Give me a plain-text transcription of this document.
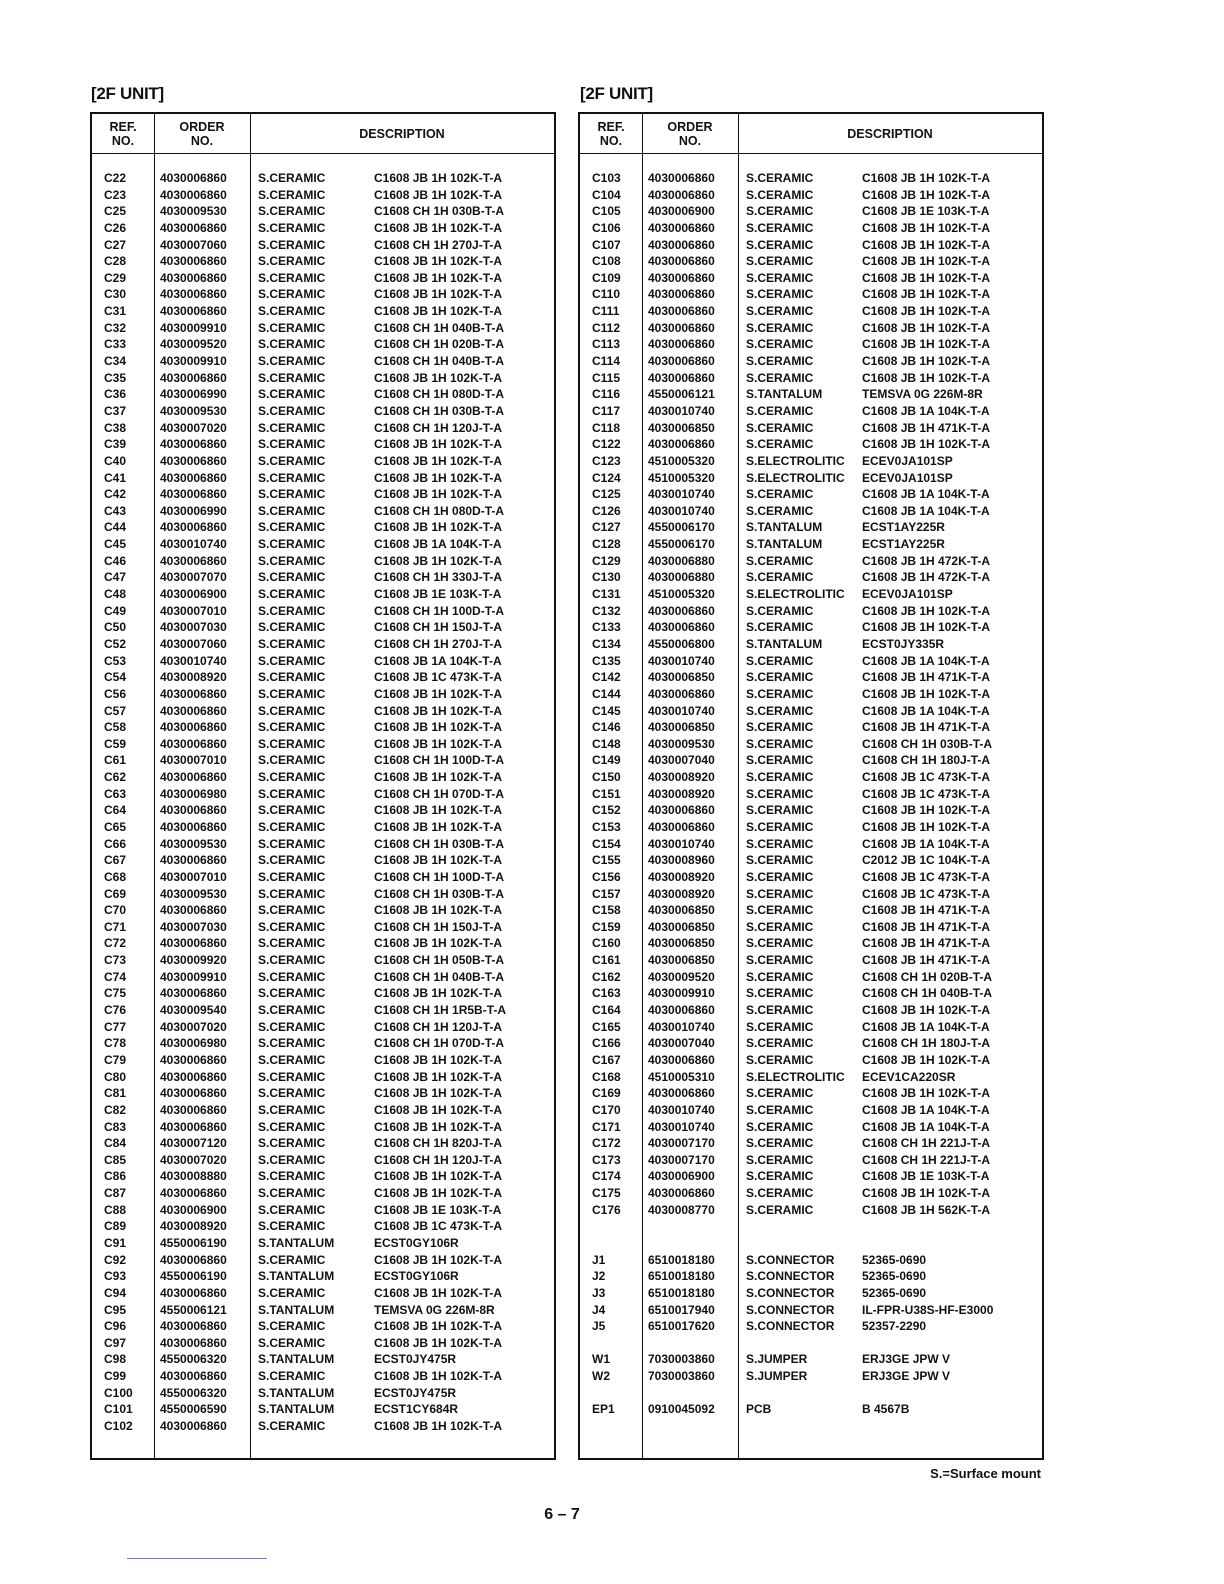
[2F UNIT]	[2F UNIT]
REF.
NO.
ORDER
NO.	DESCRIPTION
C22	4030006860	S.CERAMIC	C1608 JB 1H 102K-T-A
C23	4030006860	S.CERAMIC	C1608 JB 1H 102K-T-A
C25	4030009530	S.CERAMIC	C1608 CH 1H 030B-T-A
C26	4030006860	S.CERAMIC	C1608 JB 1H 102K-T-A
C27	4030007060	S.CERAMIC	C1608 CH 1H 270J-T-A
C28	4030006860	S.CERAMIC	C1608 JB 1H 102K-T-A
C29	4030006860	S.CERAMIC	C1608 JB 1H 102K-T-A
C30	4030006860	S.CERAMIC	C1608 JB 1H 102K-T-A
C31	4030006860	S.CERAMIC	C1608 JB 1H 102K-T-A
C32	4030009910	S.CERAMIC	C1608 CH 1H 040B-T-A
C33	4030009520	S.CERAMIC	C1608 CH 1H 020B-T-A
C34	4030009910	S.CERAMIC	C1608 CH 1H 040B-T-A
C35	4030006860	S.CERAMIC	C1608 JB 1H 102K-T-A
C36	4030006990	S.CERAMIC	C1608 CH 1H 080D-T-A
C37	4030009530	S.CERAMIC	C1608 CH 1H 030B-T-A
C38	4030007020	S.CERAMIC	C1608 CH 1H 120J-T-A
C39	4030006860	S.CERAMIC	C1608 JB 1H 102K-T-A
C40	4030006860	S.CERAMIC	C1608 JB 1H 102K-T-A
C41	4030006860	S.CERAMIC	C1608 JB 1H 102K-T-A
C42	4030006860	S.CERAMIC	C1608 JB 1H 102K-T-A
C43	4030006990	S.CERAMIC	C1608 CH 1H 080D-T-A
C44	4030006860	S.CERAMIC	C1608 JB 1H 102K-T-A
C45	4030010740	S.CERAMIC	C1608 JB 1A 104K-T-A
C46	4030006860	S.CERAMIC	C1608 JB 1H 102K-T-A
C47	4030007070	S.CERAMIC	C1608 CH 1H 330J-T-A
C48	4030006900	S.CERAMIC	C1608 JB 1E 103K-T-A
C49	4030007010	S.CERAMIC	C1608 CH 1H 100D-T-A
C50	4030007030	S.CERAMIC	C1608 CH 1H 150J-T-A
C52	4030007060	S.CERAMIC	C1608 CH 1H 270J-T-A
C53	4030010740	S.CERAMIC	C1608 JB 1A 104K-T-A
C54	4030008920	S.CERAMIC	C1608 JB 1C 473K-T-A
C56	4030006860	S.CERAMIC	C1608 JB 1H 102K-T-A
C57	4030006860	S.CERAMIC	C1608 JB 1H 102K-T-A
C58	4030006860	S.CERAMIC	C1608 JB 1H 102K-T-A
C59	4030006860	S.CERAMIC	C1608 JB 1H 102K-T-A
C61	4030007010	S.CERAMIC	C1608 CH 1H 100D-T-A
C62	4030006860	S.CERAMIC	C1608 JB 1H 102K-T-A
C63	4030006980	S.CERAMIC	C1608 CH 1H 070D-T-A
C64	4030006860	S.CERAMIC	C1608 JB 1H 102K-T-A
C65	4030006860	S.CERAMIC	C1608 JB 1H 102K-T-A
C66	4030009530	S.CERAMIC	C1608 CH 1H 030B-T-A
C67	4030006860	S.CERAMIC	C1608 JB 1H 102K-T-A
C68	4030007010	S.CERAMIC	C1608 CH 1H 100D-T-A
C69	4030009530	S.CERAMIC	C1608 CH 1H 030B-T-A
C70	4030006860	S.CERAMIC	C1608 JB 1H 102K-T-A
C71	4030007030	S.CERAMIC	C1608 CH 1H 150J-T-A
C72	4030006860	S.CERAMIC	C1608 JB 1H 102K-T-A
C73	4030009920	S.CERAMIC	C1608 CH 1H 050B-T-A
C74	4030009910	S.CERAMIC	C1608 CH 1H 040B-T-A
C75	4030006860	S.CERAMIC	C1608 JB 1H 102K-T-A
C76	4030009540	S.CERAMIC	C1608 CH 1H 1R5B-T-A
C77	4030007020	S.CERAMIC	C1608 CH 1H 120J-T-A
C78	4030006980	S.CERAMIC	C1608 CH 1H 070D-T-A
C79	4030006860	S.CERAMIC	C1608 JB 1H 102K-T-A
C80	4030006860	S.CERAMIC	C1608 JB 1H 102K-T-A
C81	4030006860	S.CERAMIC	C1608 JB 1H 102K-T-A
C82	4030006860	S.CERAMIC	C1608 JB 1H 102K-T-A
C83	4030006860	S.CERAMIC	C1608 JB 1H 102K-T-A
C84	4030007120	S.CERAMIC	C1608 CH 1H 820J-T-A
C85	4030007020	S.CERAMIC	C1608 CH 1H 120J-T-A
C86	4030008880	S.CERAMIC	C1608 JB 1H 102K-T-A
C87	4030006860	S.CERAMIC	C1608 JB 1H 102K-T-A
C88	4030006900	S.CERAMIC	C1608 JB 1E 103K-T-A
C89	4030008920	S.CERAMIC	C1608 JB 1C 473K-T-A
C91	4550006190	S.TANTALUM	ECST0GY106R
C92	4030006860	S.CERAMIC	C1608 JB 1H 102K-T-A
C93	4550006190	S.TANTALUM	ECST0GY106R
C94	4030006860	S.CERAMIC	C1608 JB 1H 102K-T-A
C95	4550006121	S.TANTALUM	TEMSVA 0G 226M-8R
C96	4030006860	S.CERAMIC	C1608 JB 1H 102K-T-A
C97	4030006860	S.CERAMIC	C1608 JB 1H 102K-T-A
C98	4550006320	S.TANTALUM	ECST0JY475R
C99	4030006860	S.CERAMIC	C1608 JB 1H 102K-T-A
C100 4550006320	S.TANTALUM	ECST0JY475R
C101 4550006590	S.TANTALUM	ECST1CY684R
C102 4030006860	S.CERAMIC	C1608 JB 1H 102K-T-A
REF.
NO.
ORDER
NO.	DESCRIPTION
C103 4030006860	S.CERAMIC	C1608 JB 1H 102K-T-A
C104 4030006860	S.CERAMIC	C1608 JB 1H 102K-T-A
C105 4030006900	S.CERAMIC	C1608 JB 1E 103K-T-A
C106 4030006860	S.CERAMIC	C1608 JB 1H 102K-T-A
C107 4030006860	S.CERAMIC	C1608 JB 1H 102K-T-A
C108 4030006860	S.CERAMIC	C1608 JB 1H 102K-T-A
C109 4030006860	S.CERAMIC	C1608 JB 1H 102K-T-A
C110 4030006860	S.CERAMIC	C1608 JB 1H 102K-T-A
C111 4030006860	S.CERAMIC	C1608 JB 1H 102K-T-A
C112 4030006860	S.CERAMIC	C1608 JB 1H 102K-T-A
C113 4030006860	S.CERAMIC	C1608 JB 1H 102K-T-A
C114 4030006860	S.CERAMIC	C1608 JB 1H 102K-T-A
C115 4030006860	S.CERAMIC	C1608 JB 1H 102K-T-A
C116 4550006121	S.TANTALUM	TEMSVA 0G 226M-8R
C117 4030010740	S.CERAMIC	C1608 JB 1A 104K-T-A
C118 4030006850	S.CERAMIC	C1608 JB 1H 471K-T-A
C122 4030006860	S.CERAMIC	C1608 JB 1H 102K-T-A
C123 4510005320	S.ELECTROLITIC ECEV0JA101SP
C124 4510005320	S.ELECTROLITIC ECEV0JA101SP
C125 4030010740	S.CERAMIC	C1608 JB 1A 104K-T-A
C126 4030010740	S.CERAMIC	C1608 JB 1A 104K-T-A
C127 4550006170	S.TANTALUM	ECST1AY225R
C128 4550006170	S.TANTALUM	ECST1AY225R
C129 4030006880	S.CERAMIC	C1608 JB 1H 472K-T-A
C130 4030006880	S.CERAMIC	C1608 JB 1H 472K-T-A
C131 4510005320	S.ELECTROLITIC ECEV0JA101SP
C132 4030006860	S.CERAMIC	C1608 JB 1H 102K-T-A
C133 4030006860	S.CERAMIC	C1608 JB 1H 102K-T-A
C134 4550006800	S.TANTALUM	ECST0JY335R
C135 4030010740	S.CERAMIC	C1608 JB 1A 104K-T-A
C142 4030006850	S.CERAMIC	C1608 JB 1H 471K-T-A
C144 4030006860	S.CERAMIC	C1608 JB 1H 102K-T-A
C145 4030010740	S.CERAMIC	C1608 JB 1A 104K-T-A
C146 4030006850	S.CERAMIC	C1608 JB 1H 471K-T-A
C148 4030009530	S.CERAMIC	C1608 CH 1H 030B-T-A
C149 4030007040	S.CERAMIC	C1608 CH 1H 180J-T-A
C150 4030008920	S.CERAMIC	C1608 JB 1C 473K-T-A
C151 4030008920	S.CERAMIC	C1608 JB 1C 473K-T-A
C152 4030006860	S.CERAMIC	C1608 JB 1H 102K-T-A
C153 4030006860	S.CERAMIC	C1608 JB 1H 102K-T-A
C154 4030010740	S.CERAMIC	C1608 JB 1A 104K-T-A
C155 4030008960	S.CERAMIC	C2012 JB 1C 104K-T-A
C156 4030008920	S.CERAMIC	C1608 JB 1C 473K-T-A
C157 4030008920	S.CERAMIC	C1608 JB 1C 473K-T-A
C158 4030006850	S.CERAMIC	C1608 JB 1H 471K-T-A
C159 4030006850	S.CERAMIC	C1608 JB 1H 471K-T-A
C160 4030006850	S.CERAMIC	C1608 JB 1H 471K-T-A
C161 4030006850	S.CERAMIC	C1608 JB 1H 471K-T-A
C162 4030009520	S.CERAMIC	C1608 CH 1H 020B-T-A
C163 4030009910	S.CERAMIC	C1608 CH 1H 040B-T-A
C164 4030006860	S.CERAMIC	C1608 JB 1H 102K-T-A
C165 4030010740	S.CERAMIC	C1608 JB 1A 104K-T-A
C166 4030007040	S.CERAMIC	C1608 CH 1H 180J-T-A
C167 4030006860	S.CERAMIC	C1608 JB 1H 102K-T-A
C168 4510005310	S.ELECTROLITIC ECEV1CA220SR
C169 4030006860	S.CERAMIC	C1608 JB 1H 102K-T-A
C170 4030010740	S.CERAMIC	C1608 JB 1A 104K-T-A
C171 4030010740	S.CERAMIC	C1608 JB 1A 104K-T-A
C172 4030007170	S.CERAMIC	C1608 CH 1H 221J-T-A
C173 4030007170	S.CERAMIC	C1608 CH 1H 221J-T-A
C174 4030006900	S.CERAMIC	C1608 JB 1E 103K-T-A
C175 4030006860	S.CERAMIC	C1608 JB 1H 102K-T-A
C176 4030008770	S.CERAMIC	C1608 JB 1H 562K-T-A
J1	6510018180	S.CONNECTOR 52365-0690
J2	6510018180	S.CONNECTOR 52365-0690
J3	6510018180	S.CONNECTOR 52365-0690
J4	6510017940	S.CONNECTOR IL-FPR-U38S-HF-E3000
J5	6510017620	S.CONNECTOR 52357-2290
W1	7030003860	S.JUMPER	ERJ3GE JPW V
W2	7030003860	S.JUMPER	ERJ3GE JPW V
EP1	0910045092	PCB	B 4567B
S.=Surface mount
6 – 7
